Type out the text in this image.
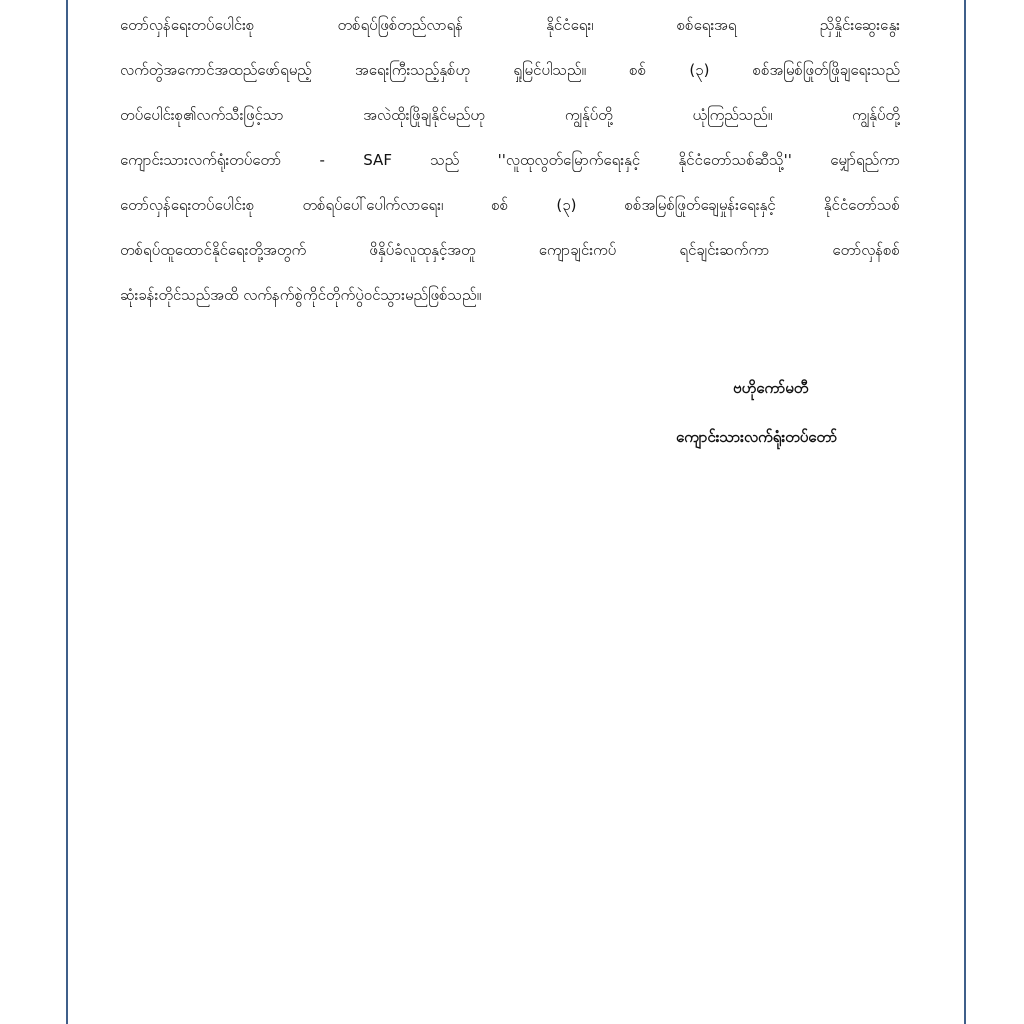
တော်လှန်ရေးတပ်ပေါင်းစု တစ်ရပ်ဖြစ်တည်လာရန် နိုင်ငံရေး၊ စစ်ရေးအရ ညှိနှိုင်းဆွေးနွေး
လက်တွဲအကောင်အထည်ဖော်ရမည့် အရေးကြီးသည့်နှစ်ဟု ရှုမြင်ပါသည်။ စစ် (၃) စစ်အမြစ်ဖြုတ်ဖြိုချရေးသည်
တပ်ပေါင်းစု၏လက်သီးဖြင့်သာ အလဲထိုးဖြိုချနိုင်မည်ဟု ကျွန်ုပ်တို့ ယုံကြည်သည်။ ကျွန်ုပ်တို့
ကျောင်းသားလက်ရုံးတပ်တော် - SAF သည် ''လူထုလွတ်မြောက်ရေးနှင့် နိုင်ငံတော်သစ်ဆီသို့'' မျှော်ရည်ကာ
တော်လှန်ရေးတပ်ပေါင်းစု တစ်ရပ်ပေါ်ပေါက်လာရေး၊ စစ် (၃) စစ်အမြစ်ဖြုတ်ချေမှုန်းရေးနှင့် နိုင်ငံတော်သစ်
တစ်ရပ်ထူထောင်နိုင်ရေးတို့အတွက် ဖိနှိပ်ခံလူထုနှင့်အတူ ကျောချင်းကပ် ရင်ချင်းဆက်ကာ တော်လှန်စစ်
ဆုံးခန်းတိုင်သည်အထိ လက်နက်စွဲကိုင်တိုက်ပွဲဝင်သွားမည်ဖြစ်သည်။
ဗဟိုကော်မတီ
ကျောင်းသားလက်ရုံးတပ်တော်
